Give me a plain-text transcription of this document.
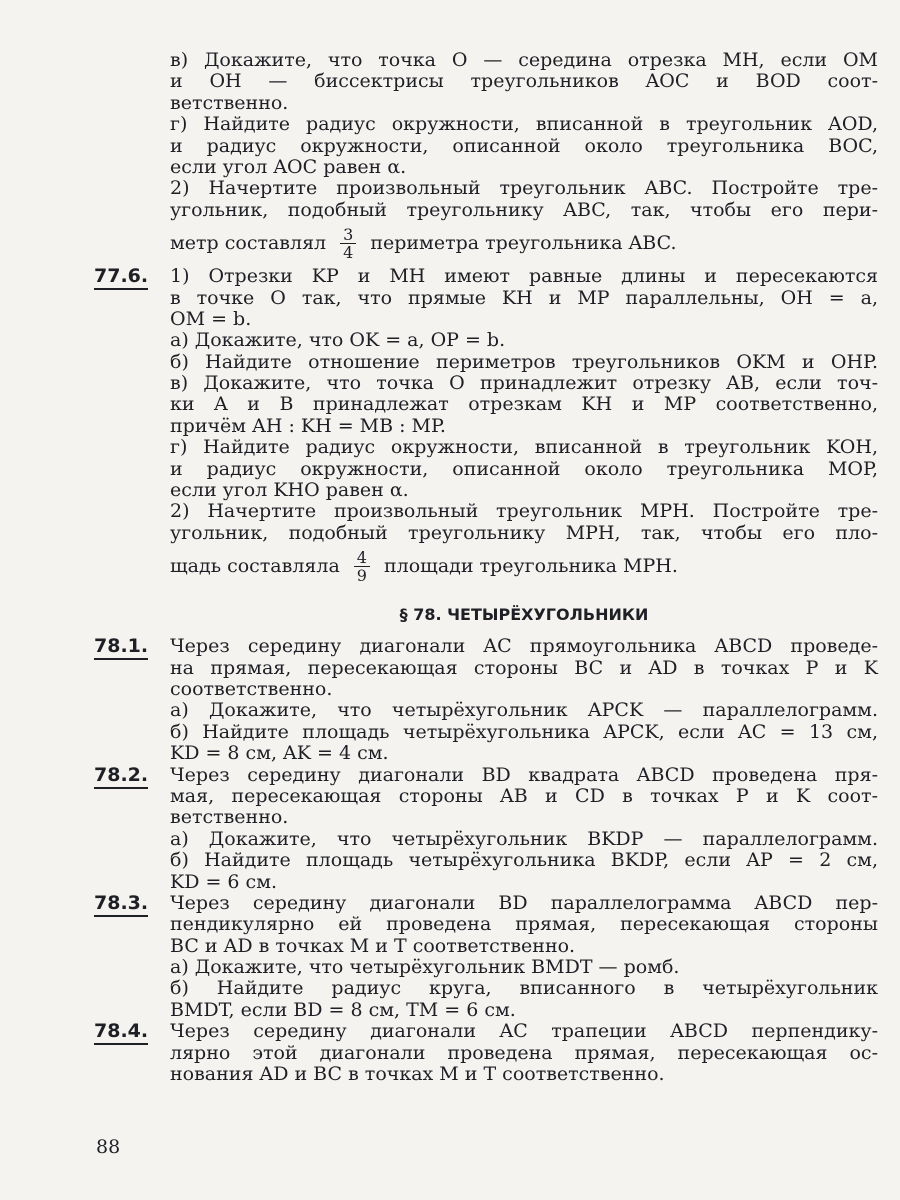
в) Докажите, что точка O — середина отрезка MH, если OM
и OH — биссектрисы треугольников AOC и BOD соот-
ветственно.
г) Найдите радиус окружности, вписанной в треугольник AOD,
и радиус окружности, описанной около треугольника BOC,
если угол AOC равен α.
2) Начертите произвольный треугольник ABC. Постройте тре-
угольник, подобный треугольнику ABC, так, чтобы его пери-
метр составлял $\frac{3}{4}$ периметра треугольника ABC.
77.6.	1) Отрезки KP и MH имеют равные длины и пересекаются
в точке O так, что прямые KH и MP параллельны, OH = a,
OM = b.
а) Докажите, что OK = a, OP = b.
б) Найдите отношение периметров треугольников OKM и OHP.
в) Докажите, что точка O принадлежит отрезку AB, если точ-
ки A и B принадлежат отрезкам KH и MP соответственно,
причём AH : KH = MB : MP.
г) Найдите радиус окружности, вписанной в треугольник KOH,
и радиус окружности, описанной около треугольника MOP,
если угол KHO равен α.
2) Начертите произвольный треугольник MPH. Постройте тре-
угольник, подобный треугольнику MPH, так, чтобы его пло-
щадь составляла $\frac{4}{9}$ площади треугольника MPH.
§ 78. ЧЕТЫРЁХУГОЛЬНИКИ
78.1.	Через середину диагонали AC прямоугольника ABCD проведе-
на прямая, пересекающая стороны BC и AD в точках P и K
соответственно.
а) Докажите, что четырёхугольник APCK — параллелограмм.
б) Найдите площадь четырёхугольника APCK, если AC = 13 см,
KD = 8 см, AK = 4 см.
78.2.	Через середину диагонали BD квадрата ABCD проведена пря-
мая, пересекающая стороны AB и CD в точках P и K соот-
ветственно.
а) Докажите, что четырёхугольник BKDP — параллелограмм.
б) Найдите площадь четырёхугольника BKDP, если AP = 2 см,
KD = 6 см.
78.3.	Через середину диагонали BD параллелограмма ABCD пер-
пендикулярно ей проведена прямая, пересекающая стороны
BC и AD в точках M и T соответственно.
а) Докажите, что четырёхугольник BMDT — ромб.
б) Найдите радиус круга, вписанного в четырёхугольник
BMDT, если BD = 8 см, TM = 6 см.
78.4.	Через середину диагонали AC трапеции ABCD перпендику-
лярно этой диагонали проведена прямая, пересекающая ос-
нования AD и BC в точках M и T соответственно.
88
